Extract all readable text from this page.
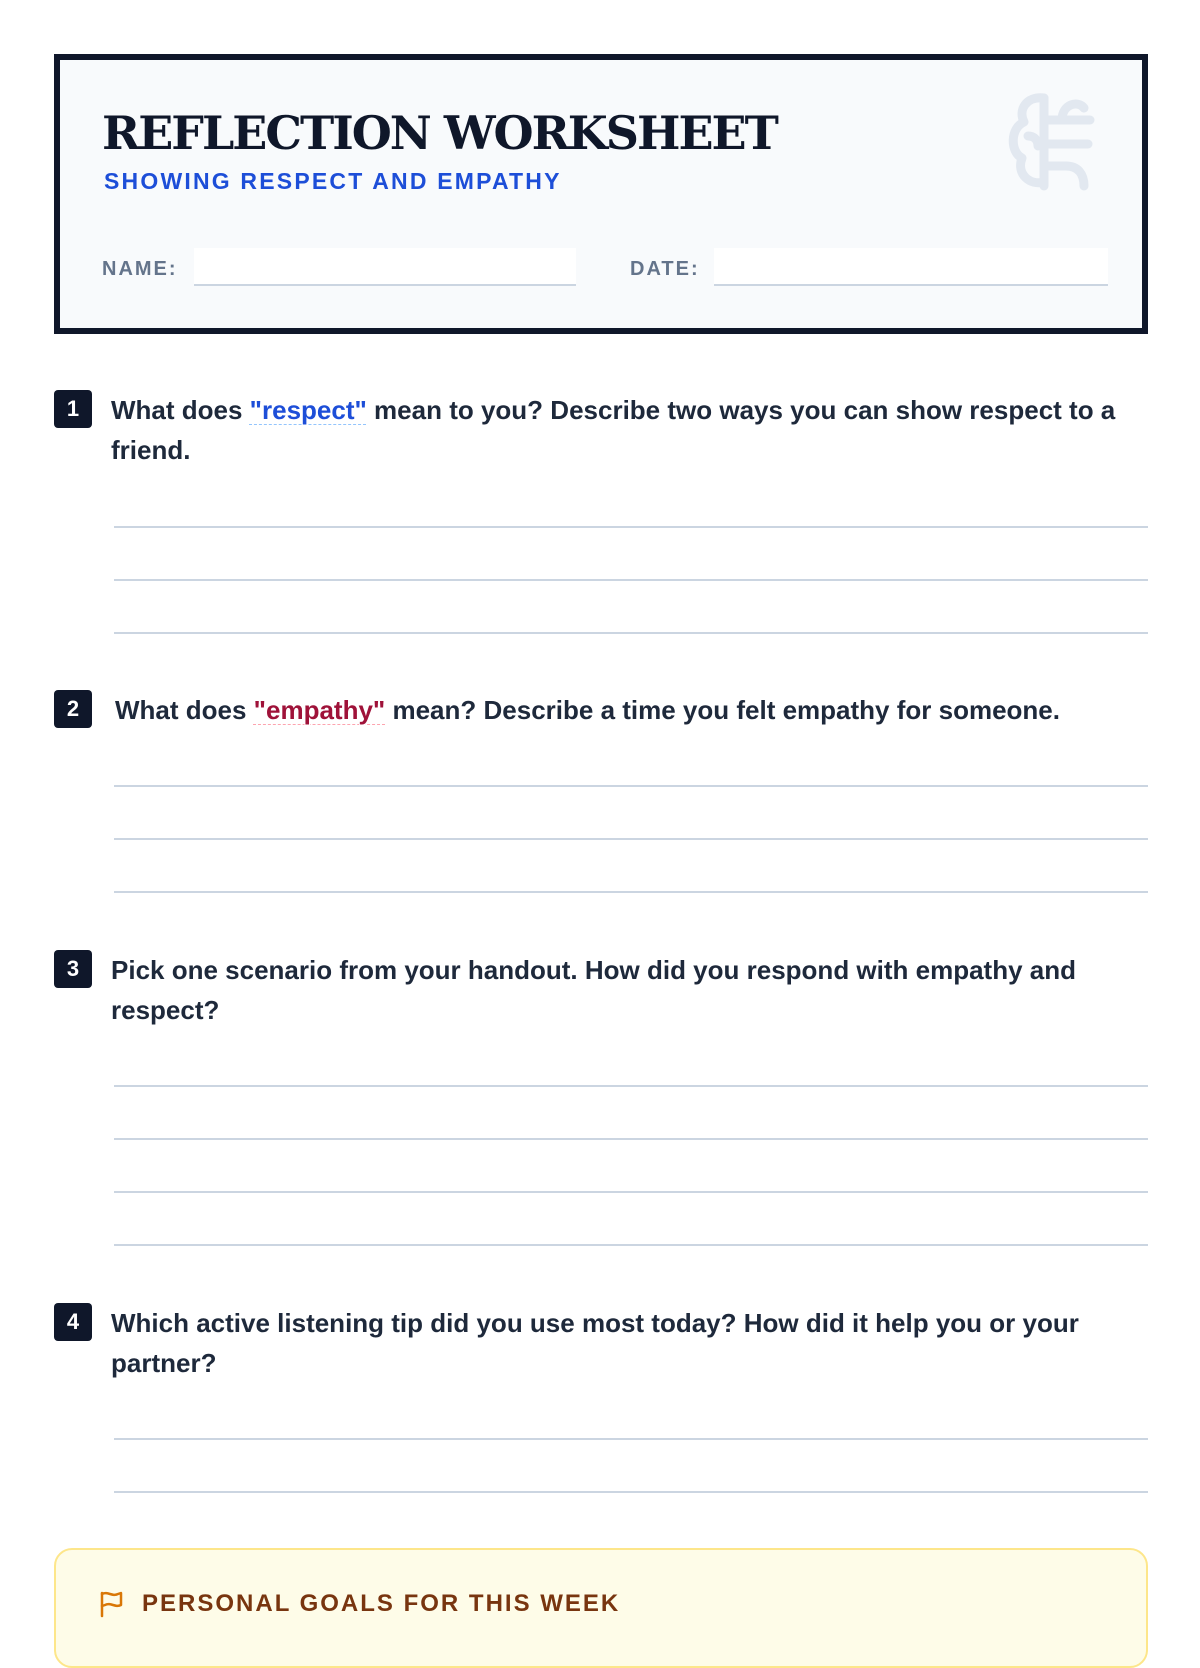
REFLECTION WORKSHEET
SHOWING RESPECT AND EMPATHY
NAME:	DATE:
1	What does "respect" mean to you? Describe two ways you can show respect to a friend.

2	What does "empathy" mean? Describe a time you felt empathy for someone.

3	Pick one scenario from your handout. How did you respond with empathy and respect?

4	Which active listening tip did you use most today? How did it help you or your partner?

PERSONAL GOALS FOR THIS WEEK
